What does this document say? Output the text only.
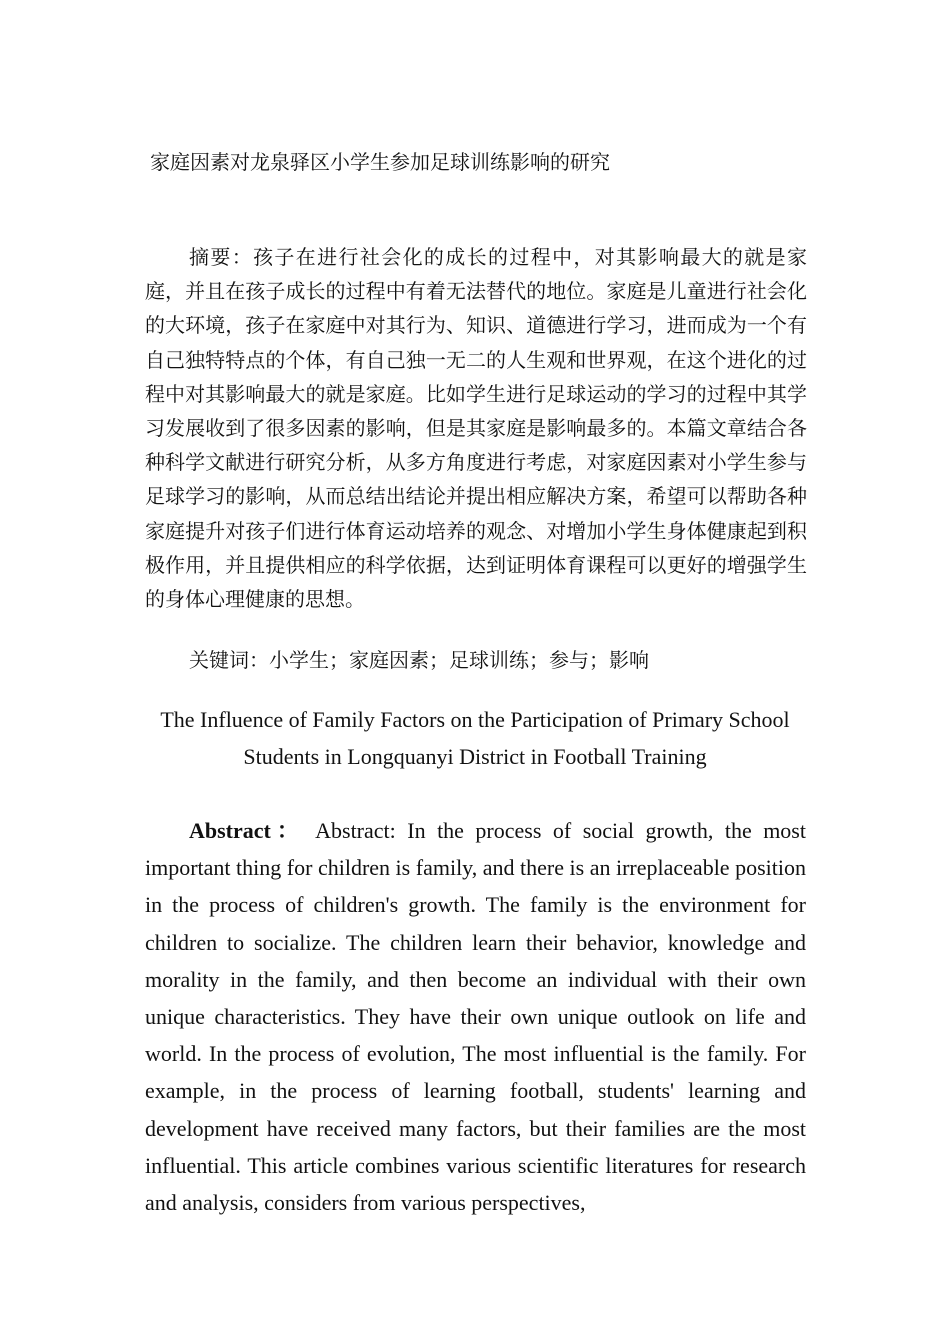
家庭因素对龙泉驿区小学生参加足球训练影响的研究

摘要：孩子在进行社会化的成长的过程中，对其影响最大的就是家庭，并且在孩子成长的过程中有着无法替代的地位。家庭是儿童进行社会化的大环境，孩子在家庭中对其行为、知识、道德进行学习，进而成为一个有自己独特特点的个体，有自己独一无二的人生观和世界观，在这个进化的过程中对其影响最大的就是家庭。比如学生进行足球运动的学习的过程中其学习发展收到了很多因素的影响，但是其家庭是影响最多的。本篇文章结合各种科学文献进行研究分析，从多方角度进行考虑，对家庭因素对小学生参与足球学习的影响，从而总结出结论并提出相应解决方案，希望可以帮助各种家庭提升对孩子们进行体育运动培养的观念、对增加小学生身体健康起到积极作用，并且提供相应的科学依据，达到证明体育课程可以更好的增强学生的身体心理健康的思想。

关键词：小学生；家庭因素；足球训练；参与；影响

The Influence of Family Factors on the Participation of Primary School Students in Longquanyi District in Football Training

Abstract： Abstract: In the process of social growth, the most important thing for children is family, and there is an irreplaceable position in the process of children's growth. The family is the environment for children to socialize. The children learn their behavior, knowledge and morality in the family, and then become an individual with their own unique characteristics. They have their own unique outlook on life and world. In the process of evolution, The most influential is the family. For example, in the process of learning football, students' learning and development have received many factors, but their families are the most influential. This article combines various scientific literatures for research and analysis, considers from various perspectives,
